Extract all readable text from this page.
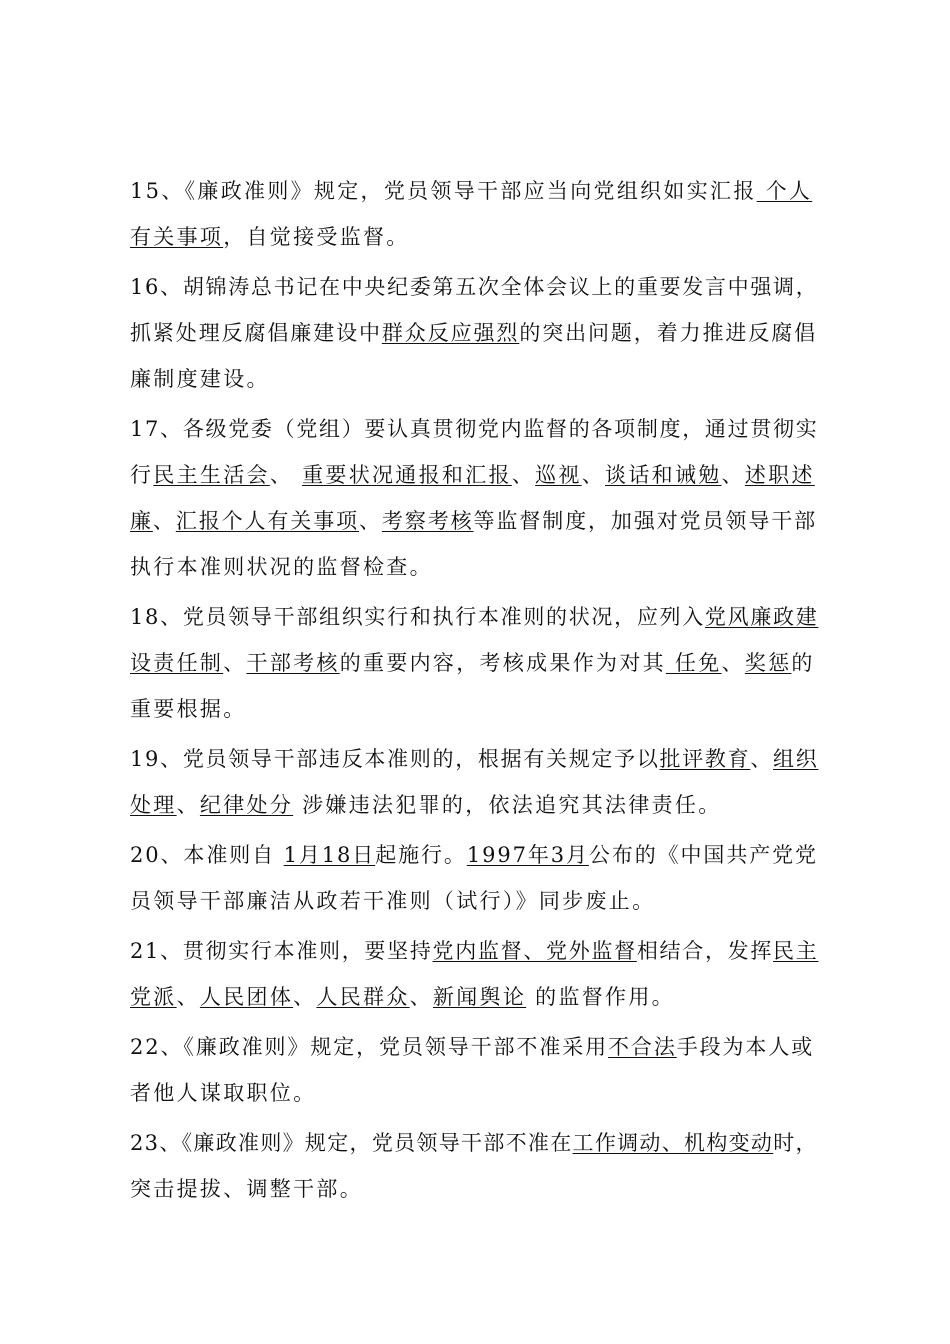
15、《廉政准则》规定，党员领导干部应当向党组织如实汇报 个人
有关事项，自觉接受监督。
16、胡锦涛总书记在中央纪委第五次全体会议上的重要发言中强调，
抓紧处理反腐倡廉建设中群众反应强烈的突出问题，着力推进反腐倡
廉制度建设。
17、各级党委（党组）要认真贯彻党内监督的各项制度，通过贯彻实
行民主生活会、 重要状况通报和汇报、巡视、谈话和诫勉、述职述
廉、汇报个人有关事项、考察考核等监督制度，加强对党员领导干部
执行本准则状况的监督检查。
18、党员领导干部组织实行和执行本准则的状况，应列入党风廉政建
设责任制、干部考核的重要内容，考核成果作为对其 任免、奖惩的
重要根据。
19、党员领导干部违反本准则的，根据有关规定予以批评教育、组织
处理、纪律处分 涉嫌违法犯罪的，依法追究其法律责任。
20、本准则自 1月18日起施行。1997年3月公布的《中国共产党党
员领导干部廉洁从政若干准则（试行）》同步废止。
21、贯彻实行本准则，要坚持党内监督、党外监督相结合，发挥民主
党派、人民团体、人民群众、新闻舆论 的监督作用。
22、《廉政准则》规定，党员领导干部不准采用不合法手段为本人或
者他人谋取职位。
23、《廉政准则》规定，党员领导干部不准在工作调动、机构变动时，
突击提拔、调整干部。
